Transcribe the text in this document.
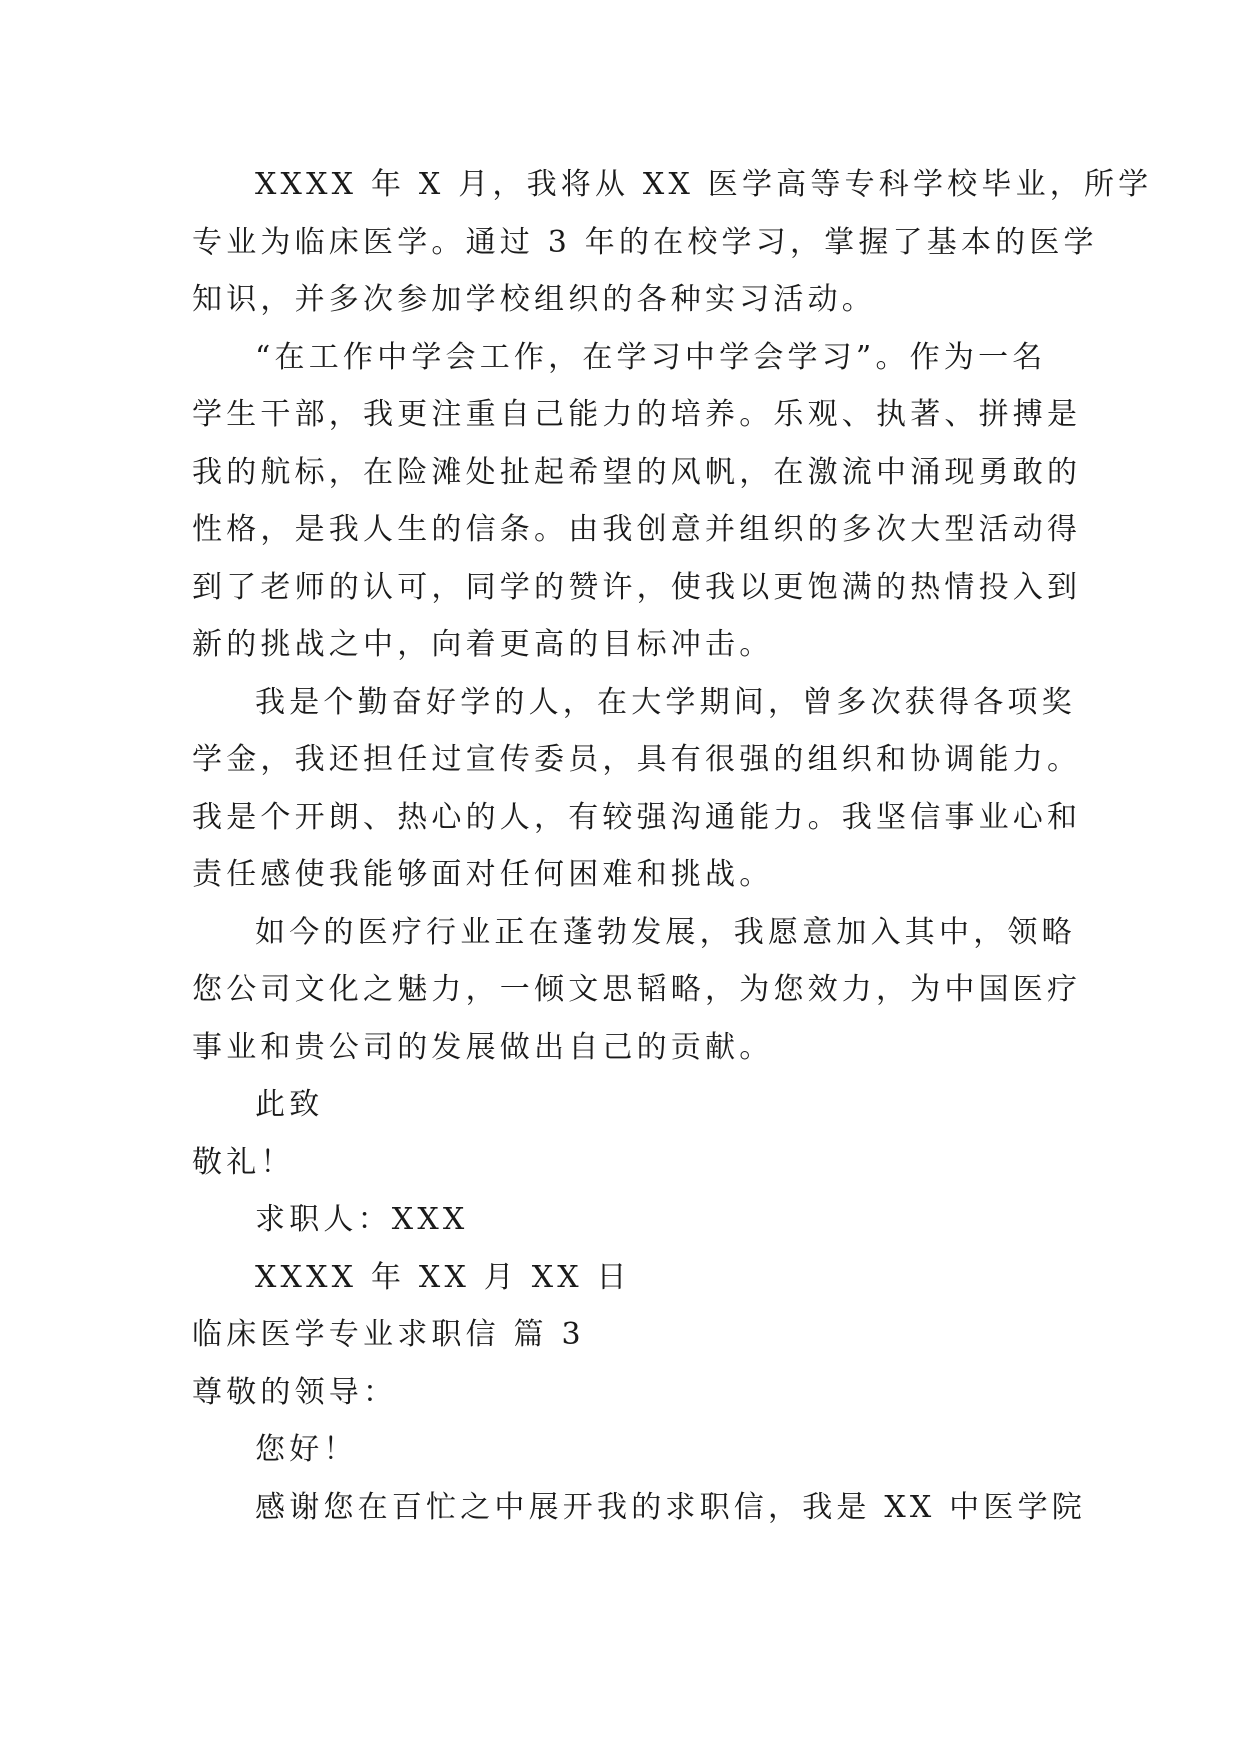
XXXX 年 X 月，我将从 XX 医学高等专科学校毕业，所学
专业为临床医学。通过 3 年的在校学习，掌握了基本的医学
知识，并多次参加学校组织的各种实习活动。
“在工作中学会工作，在学习中学会学习”。作为一名
学生干部，我更注重自己能力的培养。乐观、执著、拼搏是
我的航标，在险滩处扯起希望的风帆，在激流中涌现勇敢的
性格，是我人生的信条。由我创意并组织的多次大型活动得
到了老师的认可，同学的赞许，使我以更饱满的热情投入到
新的挑战之中，向着更高的目标冲击。
我是个勤奋好学的人，在大学期间，曾多次获得各项奖
学金，我还担任过宣传委员，具有很强的组织和协调能力。
我是个开朗、热心的人，有较强沟通能力。我坚信事业心和
责任感使我能够面对任何困难和挑战。
如今的医疗行业正在蓬勃发展，我愿意加入其中，领略
您公司文化之魅力，一倾文思韬略，为您效力，为中国医疗
事业和贵公司的发展做出自己的贡献。
此致
敬礼！
求职人：XXX
XXXX 年 XX 月 XX 日
临床医学专业求职信 篇 3
尊敬的领导：
您好！
感谢您在百忙之中展开我的求职信，我是 XX 中医学院
